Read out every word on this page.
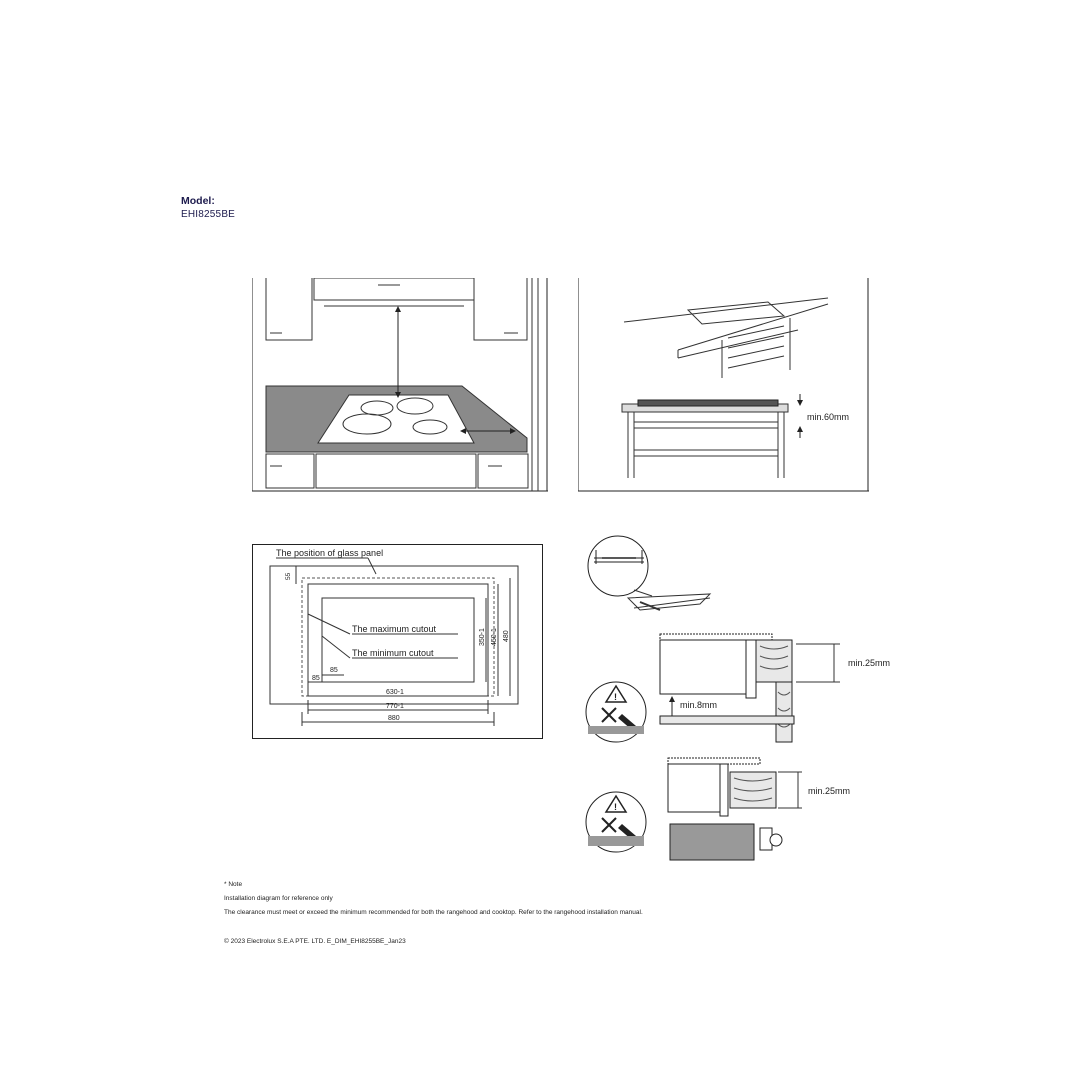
Model:
EHI8255BE
min.60mm
The position of glass panel
The maximum cutout
The minimum cutout
55
85
85
630-1
770-1
880
350-1 450-1 480
min.25mm
min.8mm
!
min.25mm
!
* Note
Installation diagram for reference only
The clearance must meet or exceed the minimum recommended for both the rangehood and cooktop. Refer to the rangehood installation manual.
© 2023 Electrolux S.E.A PTE. LTD. E_DIM_EHI8255BE_Jan23
